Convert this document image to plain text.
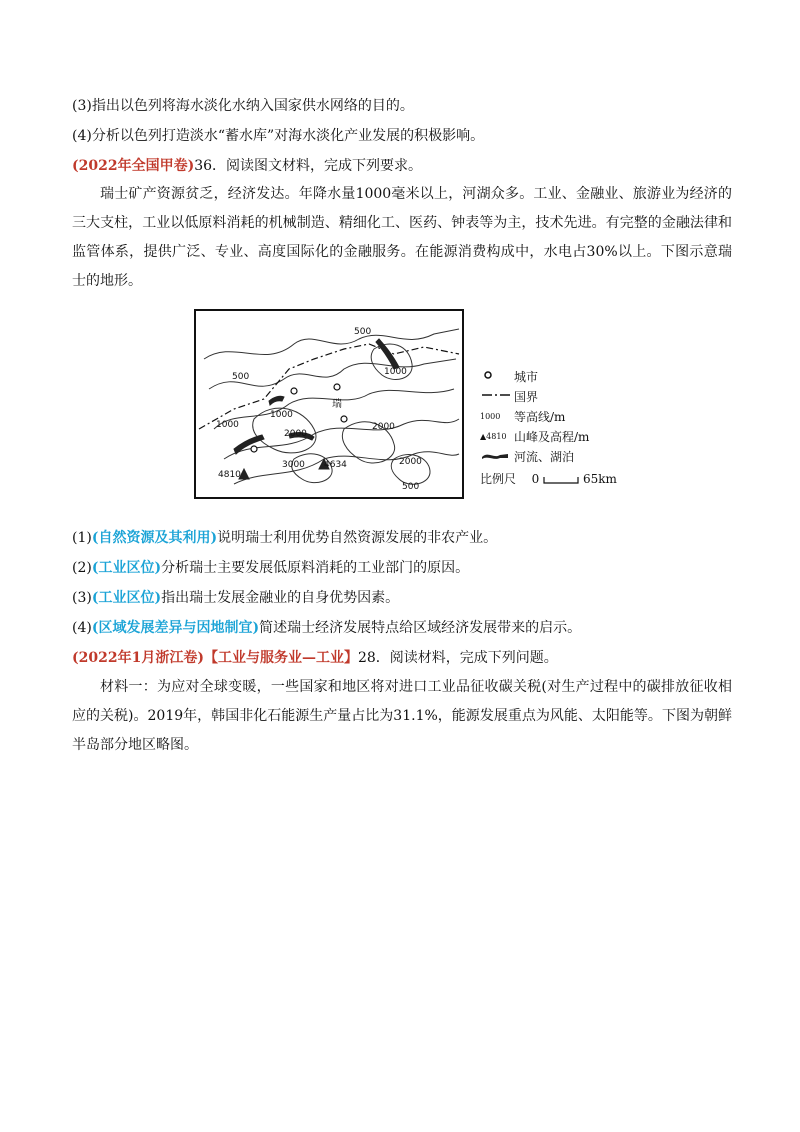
(3)指出以色列将海水淡化水纳入国家供水网络的目的。
(4)分析以色列打造淡水“蓄水库”对海水淡化产业发展的积极影响。
(2022年全国甲卷)36．阅读图文材料，完成下列要求。
瑞士矿产资源贫乏，经济发达。年降水量1000毫米以上，河湖众多。工业、金融业、旅游业为经济的三大支柱，工业以低原料消耗的机械制造、精细化工、医药、钟表等为主，技术先进。有完整的金融法律和监管体系，提供广泛、专业、高度国际化的金融服务。在能源消费构成中，水电占30%以上。下图示意瑞士的地形。
500
1000
500
1000
2000
1000
2000
3000	2000
500
4810
4634
瑞
城市
国界
1000 等高线/m
▲4810 山峰及高程/m
河流、湖泊
比例尺 0	65km
(1)(自然资源及其利用)说明瑞士利用优势自然资源发展的非农产业。
(2)(工业区位)分析瑞士主要发展低原料消耗的工业部门的原因。
(3)(工业区位)指出瑞士发展金融业的自身优势因素。
(4)(区域发展差异与因地制宜)简述瑞士经济发展特点给区域经济发展带来的启示。
(2022年1月浙江卷)【工业与服务业—工业】28．阅读材料，完成下列问题。
材料一：为应对全球变暖，一些国家和地区将对进口工业品征收碳关税(对生产过程中的碳排放征收相应的关税)。2019年，韩国非化石能源生产量占比为31.1%，能源发展重点为风能、太阳能等。下图为朝鲜半岛部分地区略图。
